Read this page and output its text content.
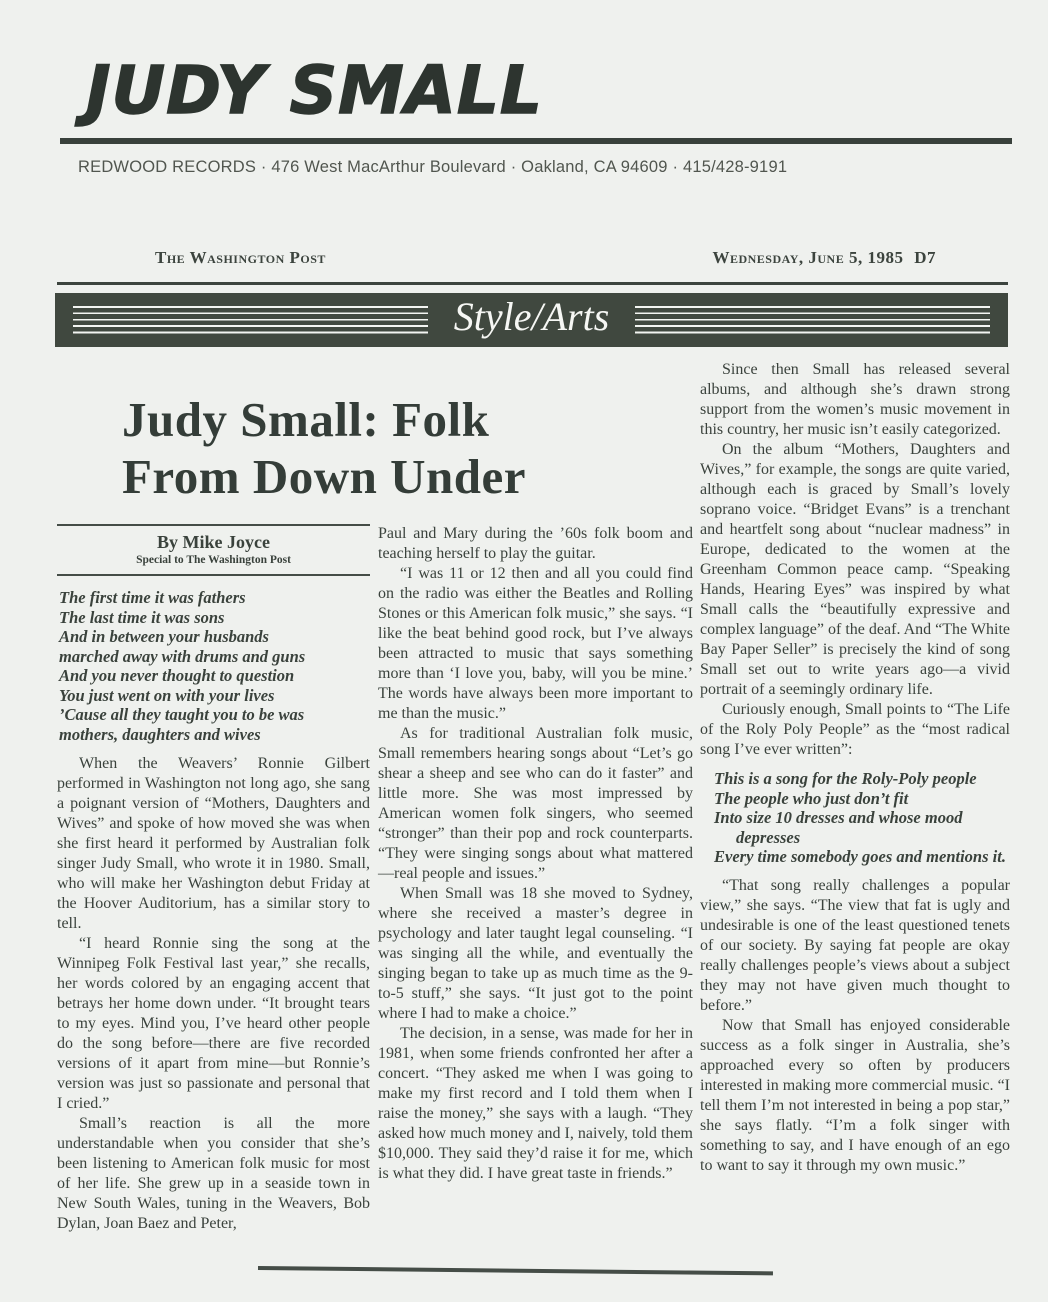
JUDY SMALL
REDWOOD RECORDS · 476 West MacArthur Boulevard · Oakland, CA 94609 · 415/428-9191
The Washington Post	Wednesday, June 5, 1985 D7
Style/Arts
Judy Small: Folk
From Down Under
By Mike Joyce
Special to The Washington Post
The first time it was fathers
The last time it was sons
And in between your husbands
marched away with drums and guns
And you never thought to question
You just went on with your lives
’Cause all they taught you to be was
mothers, daughters and wives

When the Weavers’ Ronnie Gilbert performed in Washington not long ago, she sang a poignant version of “Mothers, Daughters and Wives” and spoke of how moved she was when she first heard it performed by Australian folk singer Judy Small, who wrote it in 1980. Small, who will make her Washington debut Friday at the Hoover Auditorium, has a similar story to tell.

“I heard Ronnie sing the song at the Winnipeg Folk Festival last year,” she recalls, her words colored by an engaging accent that betrays her home down under. “It brought tears to my eyes. Mind you, I’ve heard other people do the song before—there are five recorded versions of it apart from mine—but Ronnie’s version was just so passionate and personal that I cried.”

Small’s reaction is all the more understandable when you consider that she’s been listening to American folk music for most of her life. She grew up in a seaside town in New South Wales, tuning in the Weavers, Bob Dylan, Joan Baez and Peter,

Paul and Mary during the ’60s folk boom and teaching herself to play the guitar.

“I was 11 or 12 then and all you could find on the radio was either the Beatles and Rolling Stones or this American folk music,” she says. “I like the beat behind good rock, but I’ve always been attracted to music that says something more than ‘I love you, baby, will you be mine.’ The words have always been more important to me than the music.”

As for traditional Australian folk music, Small remembers hearing songs about “Let’s go shear a sheep and see who can do it faster” and little more. She was most impressed by American women folk singers, who seemed “stronger” than their pop and rock counterparts. “They were singing songs about what mattered—real people and issues.”

When Small was 18 she moved to Sydney, where she received a master’s degree in psychology and later taught legal counseling. “I was singing all the while, and eventually the singing began to take up as much time as the 9-to-5 stuff,” she says. “It just got to the point where I had to make a choice.”

The decision, in a sense, was made for her in 1981, when some friends confronted her after a concert. “They asked me when I was going to make my first record and I told them when I raise the money,” she says with a laugh. “They asked how much money and I, naively, told them $10,000. They said they’d raise it for me, which is what they did. I have great taste in friends.”

Since then Small has released several albums, and although she’s drawn strong support from the women’s music movement in this country, her music isn’t easily categorized.

On the album “Mothers, Daughters and Wives,” for example, the songs are quite varied, although each is graced by Small’s lovely soprano voice. “Bridget Evans” is a trenchant and heartfelt song about “nuclear madness” in Europe, dedicated to the women at the Greenham Common peace camp. “Speaking Hands, Hearing Eyes” was inspired by what Small calls the “beautifully expressive and complex language” of the deaf. And “The White Bay Paper Seller” is precisely the kind of song Small set out to write years ago—a vivid portrait of a seemingly ordinary life.

Curiously enough, Small points to “The Life of the Roly Poly People” as the “most radical song I’ve ever written”:

This is a song for the Roly-Poly people
The people who just don’t fit
Into size 10 dresses and whose mood depresses
Every time somebody goes and mentions it.

“That song really challenges a popular view,” she says. “The view that fat is ugly and undesirable is one of the least questioned tenets of our society. By saying fat people are okay really challenges people’s views about a subject they may not have given much thought to before.”

Now that Small has enjoyed considerable success as a folk singer in Australia, she’s approached every so often by producers interested in making more commercial music. “I tell them I’m not interested in being a pop star,” she says flatly. “I’m a folk singer with something to say, and I have enough of an ego to want to say it through my own music.”
